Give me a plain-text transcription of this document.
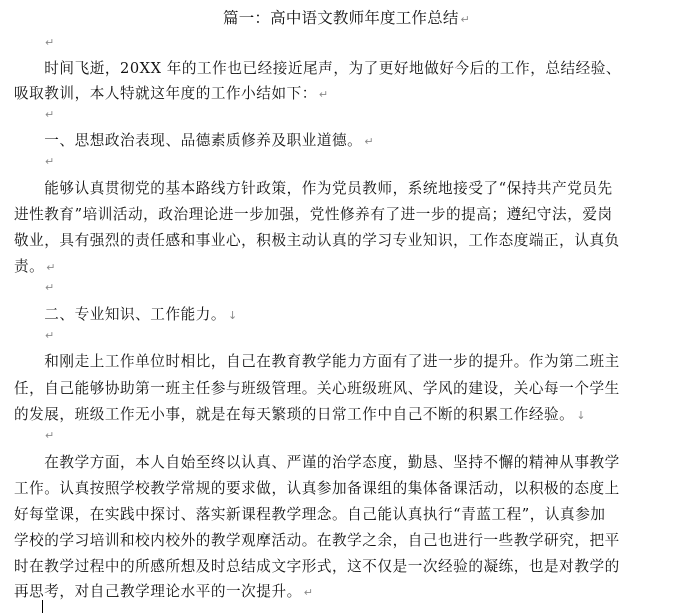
篇一：高中语文教师年度工作总结 ↵
↵
　　时间飞逝，20XX 年的工作也已经接近尾声，为了更好地做好今后的工作，总结经验、
吸取教训，本人特就这年度的工作小结如下： ↵
↵
　　一、思想政治表现、品德素质修养及职业道德。 ↵
↵
　　能够认真贯彻党的基本路线方针政策，作为党员教师，系统地接受了“保持共产党员先
进性教育”培训活动，政治理论进一步加强，党性修养有了进一步的提高；遵纪守法，爱岗
敬业，具有强烈的责任感和事业心，积极主动认真的学习专业知识，工作态度端正，认真负
责。 ↵
↵
　　二、专业知识、工作能力。 ↓
↵
　　和刚走上工作单位时相比，自己在教育教学能力方面有了进一步的提升。作为第二班主
任，自己能够协助第一班主任参与班级管理。关心班级班风、学风的建设，关心每一个学生
的发展，班级工作无小事，就是在每天繁琐的日常工作中自己不断的积累工作经验。 ↓
↵
　　在教学方面，本人自始至终以认真、严谨的治学态度，勤恳、坚持不懈的精神从事教学
工作。认真按照学校教学常规的要求做，认真参加备课组的集体备课活动，以积极的态度上
好每堂课，在实践中探讨、落实新课程教学理念。自己能认真执行“青蓝工程”，认真参加
学校的学习培训和校内校外的教学观摩活动。在教学之余，自己也进行一些教学研究，把平
时在教学过程中的所感所想及时总结成文字形式，这不仅是一次经验的凝练，也是对教学的
再思考，对自己教学理论水平的一次提升。 ↵
